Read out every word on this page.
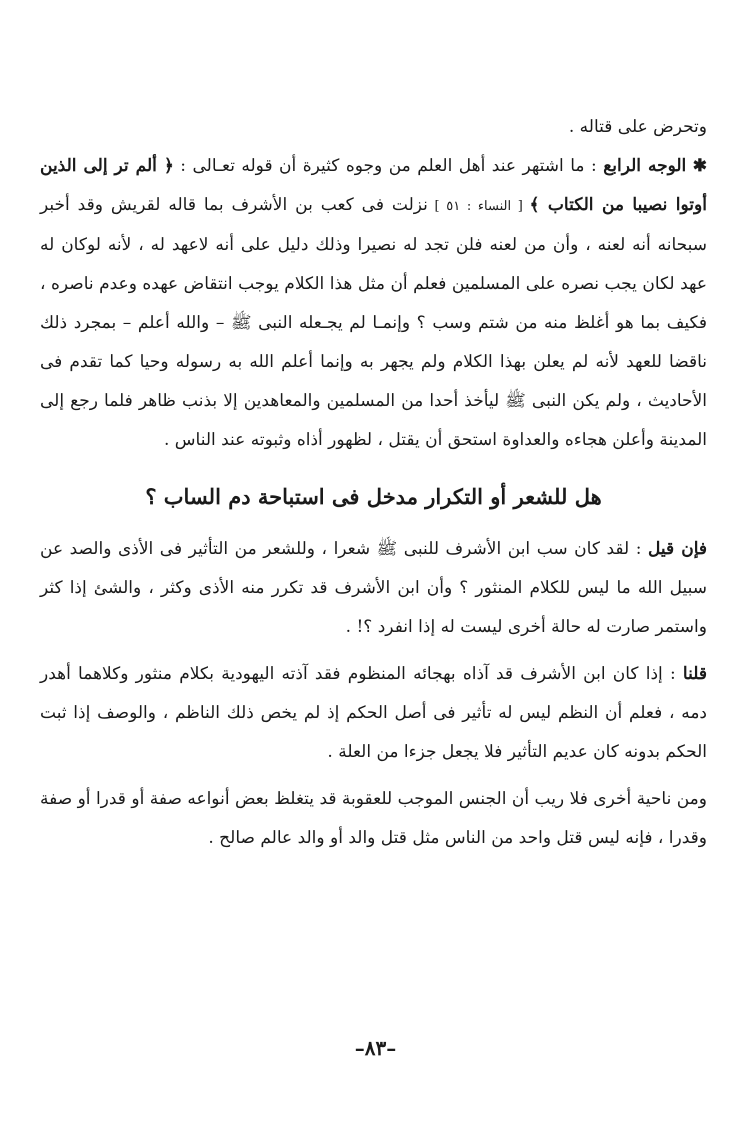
وتحرض على قتاله .

✱ الوجه الرابع : ما اشتهر عند أهل العلم من وجوه كثيرة أن قوله تعـالى : ﴿ ألم تر إلى الذين أوتوا نصيبا من الكتاب ﴾ [ النساء : ٥١ ] نزلت فى كعب بن الأشرف بما قاله لقريش وقد أخبر سبحانه أنه لعنه ، وأن من لعنه فلن تجد له نصيرا وذلك دليل على أنه لاعهد له ، لأنه لوكان له عهد لكان يجب نصره على المسلمين فعلم أن مثل هذا الكلام يوجب انتقاض عهده وعدم ناصره ، فكيف بما هو أغلظ منه من شتم وسب ؟ وإنمـا لم يجـعله النبى ﷺ – والله أعلم – بمجرد ذلك ناقضا للعهد لأنه لم يعلن بهذا الكلام ولم يجهر به وإنما أعلم الله به رسوله وحيا كما تقدم فى الأحاديث ، ولم يكن النبى ﷺ ليأخذ أحدا من المسلمين والمعاهدين إلا بذنب ظاهر فلما رجع إلى المدينة وأعلن هجاءه والعداوة استحق أن يقتل ، لظهور أذاه وثبوته عند الناس .

هل للشعر أو التكرار مدخل فى استباحة دم الساب ؟

فإن قيل : لقد كان سب ابن الأشرف للنبى ﷺ شعرا ، وللشعر من التأثير فى الأذى والصد عن سبيل الله ما ليس للكلام المنثور ؟ وأن ابن الأشرف قد تكرر منه الأذى وكثر ، والشئ إذا كثر واستمر صارت له حالة أخرى ليست له إذا انفرد ؟! .

قلنا : إذا كان ابن الأشرف قد آذاه بهجائه المنظوم فقد آذته اليهودية بكلام منثور وكلاهما أهدر دمه ، فعلم أن النظم ليس له تأثير فى أصل الحكم إذ لم يخص ذلك الناظم ، والوصف إذا ثبت الحكم بدونه كان عديم التأثير فلا يجعل جزءا من العلة .

ومن ناحية أخرى فلا ريب أن الجنس الموجب للعقوبة قد يتغلظ بعض أنواعه صفة أو قدرا أو صفة وقدرا ، فإنه ليس قتل واحد من الناس مثل قتل والد أو والد عالم صالح .

–٨٣–
